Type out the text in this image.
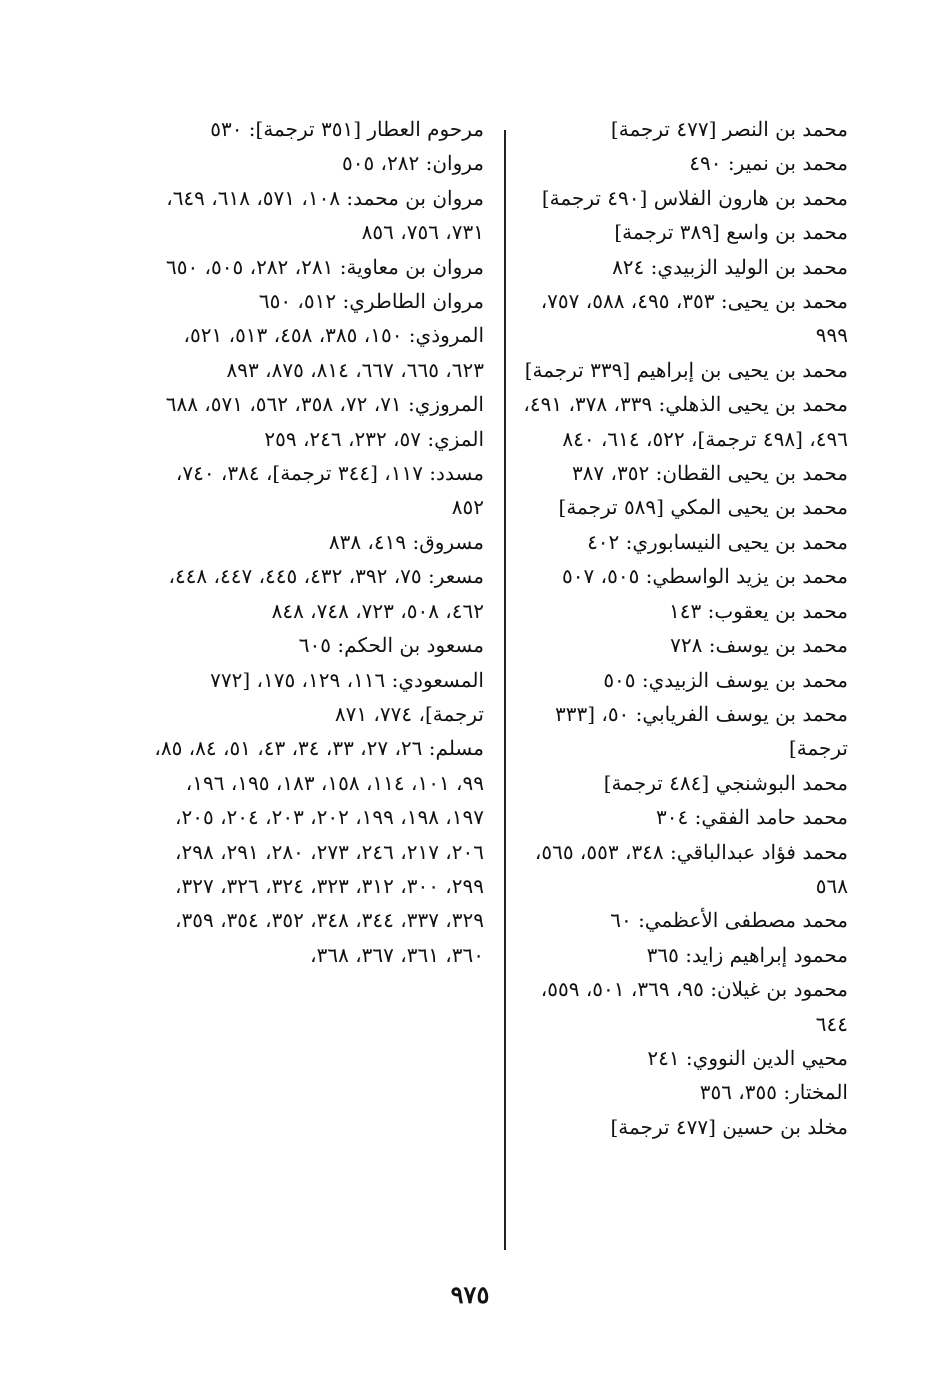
محمد بن النصر [٤٧٧ ترجمة]

محمد بن نمير: ٤٩٠

محمد بن هارون الفلاس [٤٩٠ ترجمة]

محمد بن واسع [٣٨٩ ترجمة]

محمد بن الوليد الزبيدي: ٨٢٤

محمد بن يحيى: ٣٥٣، ٤٩٥، ٥٨٨، ٧٥٧، ٩٩٩

محمد بن يحيى بن إبراهيم [٣٣٩ ترجمة]

محمد بن يحيى الذهلي: ٣٣٩، ٣٧٨، ٤٩١، ٤٩٦، [٤٩٨ ترجمة]، ٥٢٢، ٦١٤، ٨٤٠

محمد بن يحيى القطان: ٣٥٢، ٣٨٧

محمد بن يحيى المكي [٥٨٩ ترجمة]

محمد بن يحيى النيسابوري: ٤٠٢

محمد بن يزيد الواسطي: ٥٠٥، ٥٠٧

محمد بن يعقوب: ١٤٣

محمد بن يوسف: ٧٢٨

محمد بن يوسف الزبيدي: ٥٠٥

محمد بن يوسف الفريابي: ٥٠، [٣٣٣ ترجمة]

محمد البوشنجي [٤٨٤ ترجمة]

محمد حامد الفقي: ٣٠٤

محمد فؤاد عبدالباقي: ٣٤٨، ٥٥٣، ٥٦٥، ٥٦٨

محمد مصطفى الأعظمي: ٦٠

محمود إبراهيم زايد: ٣٦٥

محمود بن غيلان: ٩٥، ٣٦٩، ٥٠١، ٥٥٩، ٦٤٤

محيي الدين النووي: ٢٤١

المختار: ٣٥٥، ٣٥٦

مخلد بن حسين [٤٧٧ ترجمة]

مرحوم العطار [٣٥١ ترجمة]: ٥٣٠

مروان: ٢٨٢، ٥٠٥

مروان بن محمد: ١٠٨، ٥٧١، ٦١٨، ٦٤٩، ٧٣١، ٧٥٦، ٨٥٦

مروان بن معاوية: ٢٨١، ٢٨٢، ٥٠٥، ٦٥٠

مروان الطاطري: ٥١٢، ٦٥٠

المروذي: ١٥٠، ٣٨٥، ٤٥٨، ٥١٣، ٥٢١، ٦٢٣، ٦٦٥، ٦٦٧، ٨١٤، ٨٧٥، ٨٩٣

المروزي: ٧١، ٧٢، ٣٥٨، ٥٦٢، ٥٧١، ٦٨٨

المزي: ٥٧، ٢٣٢، ٢٤٦، ٢٥٩

مسدد: ١١٧، [٣٤٤ ترجمة]، ٣٨٤، ٧٤٠، ٨٥٢

مسروق: ٤١٩، ٨٣٨

مسعر: ٧٥، ٣٩٢، ٤٣٢، ٤٤٥، ٤٤٧، ٤٤٨، ٤٦٢، ٥٠٨، ٧٢٣، ٧٤٨، ٨٤٨

مسعود بن الحكم: ٦٠٥

المسعودي: ١١٦، ١٢٩، ١٧٥، [٧٧٢ ترجمة]، ٧٧٤، ٨٧١

مسلم: ٢٦، ٢٧، ٣٣، ٣٤، ٤٣، ٥١، ٨٤، ٨٥، ٩٩، ١٠١، ١١٤، ١٥٨، ١٨٣، ١٩٥، ١٩٦، ١٩٧، ١٩٨، ١٩٩، ٢٠٢، ٢٠٣، ٢٠٤، ٢٠٥، ٢٠٦، ٢١٧، ٢٤٦، ٢٧٣، ٢٨٠، ٢٩١، ٢٩٨، ٢٩٩، ٣٠٠، ٣١٢، ٣٢٣، ٣٢٤، ٣٢٦، ٣٢٧، ٣٢٩، ٣٣٧، ٣٤٤، ٣٤٨، ٣٥٢، ٣٥٤، ٣٥٩، ٣٦٠، ٣٦١، ٣٦٧، ٣٦٨،

٩٧٥
